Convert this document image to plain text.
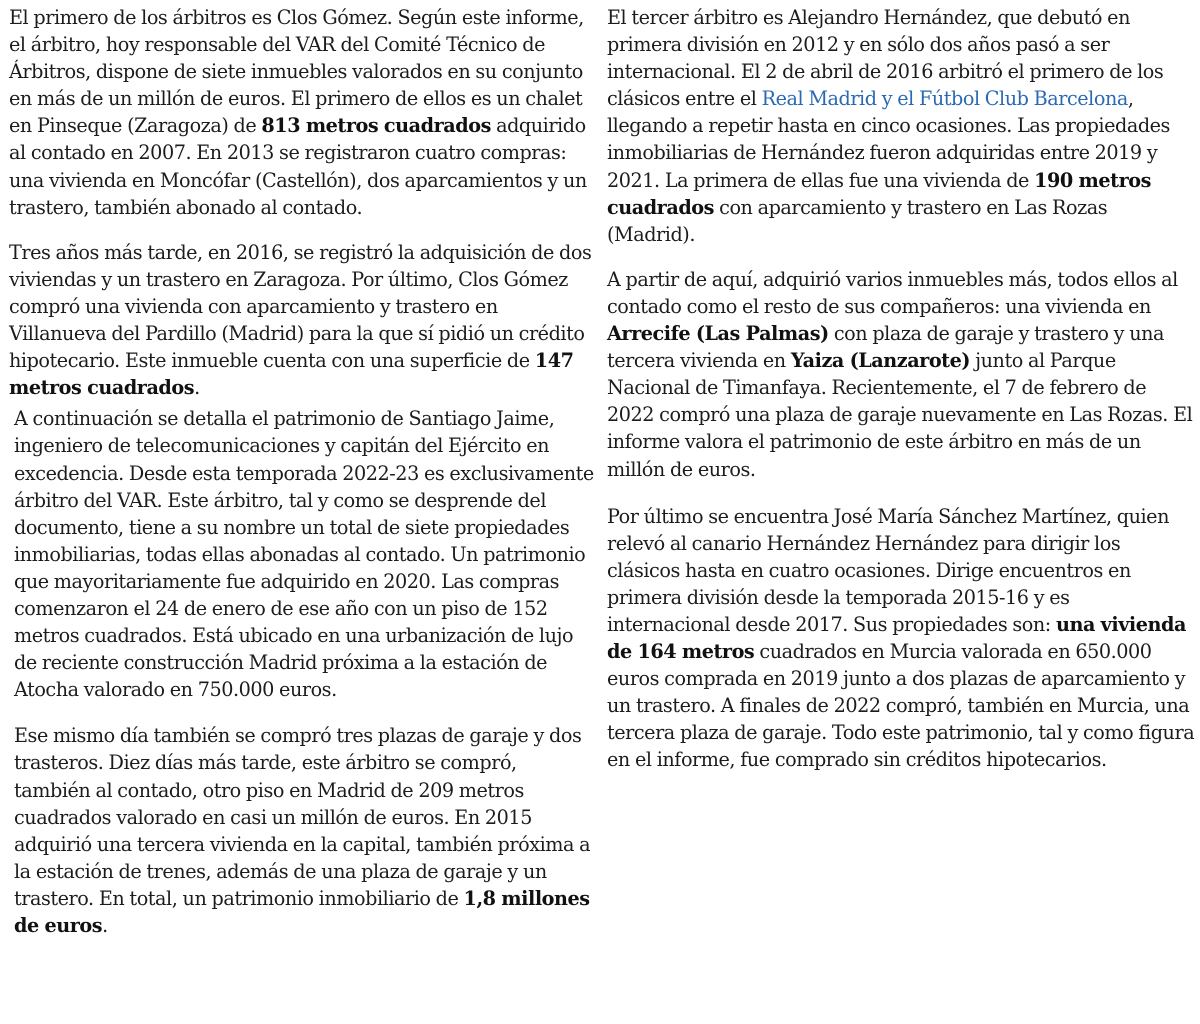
El primero de los árbitros es Clos Gómez. Según este informe, el árbitro, hoy responsable del VAR del Comité Técnico de Árbitros, dispone de siete inmuebles valorados en su conjunto en más de un millón de euros. El primero de ellos es un chalet en Pinseque (Zaragoza) de 813 metros cuadrados adquirido al contado en 2007. En 2013 se registraron cuatro compras: una vivienda en Moncófar (Castellón), dos aparcamientos y un trastero, también abonado al contado.

Tres años más tarde, en 2016, se registró la adquisición de dos viviendas y un trastero en Zaragoza. Por último, Clos Gómez compró una vivienda con aparcamiento y trastero en Villanueva del Pardillo (Madrid) para la que sí pidió un crédito hipotecario. Este inmueble cuenta con una superficie de 147 metros cuadrados.

A continuación se detalla el patrimonio de Santiago Jaime, ingeniero de telecomunicaciones y capitán del Ejército en excedencia. Desde esta temporada 2022-23 es exclusivamente árbitro del VAR. Este árbitro, tal y como se desprende del documento, tiene a su nombre un total de siete propiedades inmobiliarias, todas ellas abonadas al contado. Un patrimonio que mayoritariamente fue adquirido en 2020. Las compras comenzaron el 24 de enero de ese año con un piso de 152 metros cuadrados. Está ubicado en una urbanización de lujo de reciente construcción Madrid próxima a la estación de Atocha valorado en 750.000 euros.

Ese mismo día también se compró tres plazas de garaje y dos trasteros. Diez días más tarde, este árbitro se compró, también al contado, otro piso en Madrid de 209 metros cuadrados valorado en casi un millón de euros. En 2015 adquirió una tercera vivienda en la capital, también próxima a la estación de trenes, además de una plaza de garaje y un trastero. En total, un patrimonio inmobiliario de 1,8 millones de euros.

El tercer árbitro es Alejandro Hernández, que debutó en primera división en 2012 y en sólo dos años pasó a ser internacional. El 2 de abril de 2016 arbitró el primero de los clásicos entre el Real Madrid y el Fútbol Club Barcelona, llegando a repetir hasta en cinco ocasiones. Las propiedades inmobiliarias de Hernández fueron adquiridas entre 2019 y 2021. La primera de ellas fue una vivienda de 190 metros cuadrados con aparcamiento y trastero en Las Rozas (Madrid).

A partir de aquí, adquirió varios inmuebles más, todos ellos al contado como el resto de sus compañeros: una vivienda en Arrecife (Las Palmas) con plaza de garaje y trastero y una tercera vivienda en Yaiza (Lanzarote) junto al Parque Nacional de Timanfaya. Recientemente, el 7 de febrero de 2022 compró una plaza de garaje nuevamente en Las Rozas. El informe valora el patrimonio de este árbitro en más de un millón de euros.

Por último se encuentra José María Sánchez Martínez, quien relevó al canario Hernández Hernández para dirigir los clásicos hasta en cuatro ocasiones. Dirige encuentros en primera división desde la temporada 2015-16 y es internacional desde 2017. Sus propiedades son: una vivienda de 164 metros cuadrados en Murcia valorada en 650.000 euros comprada en 2019 junto a dos plazas de aparcamiento y un trastero. A finales de 2022 compró, también en Murcia, una tercera plaza de garaje. Todo este patrimonio, tal y como figura en el informe, fue comprado sin créditos hipotecarios.
